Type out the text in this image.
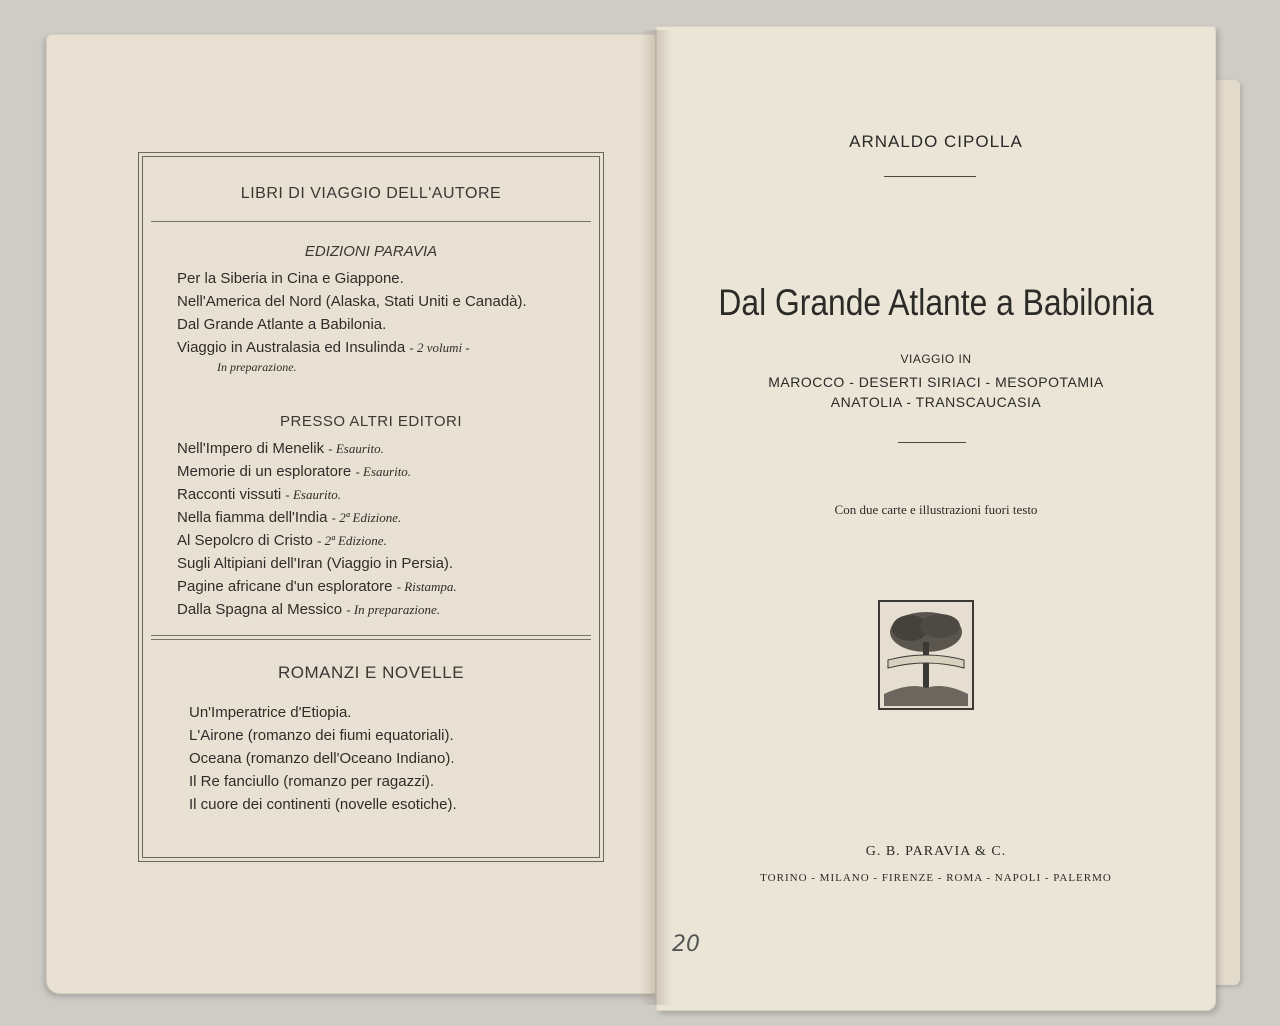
LIBRI DI VIAGGIO DELL'AUTORE
EDIZIONI PARAVIA
Per la Siberia in Cina e Giappone.
Nell'America del Nord (Alaska, Stati Uniti e Canadà).
Dal Grande Atlante a Babilonia.
Viaggio in Australasia ed Insulinda - 2 volumi -
In preparazione.
PRESSO ALTRI EDITORI
Nell'Impero di Menelik - Esaurito.
Memorie di un esploratore - Esaurito.
Racconti vissuti - Esaurito.
Nella fiamma dell'India - 2ª Edizione.
Al Sepolcro di Cristo - 2ª Edizione.
Sugli Altipiani dell'Iran (Viaggio in Persia).
Pagine africane d'un esploratore - Ristampa.
Dalla Spagna al Messico - In preparazione.
ROMANZI E NOVELLE
Un'Imperatrice d'Etiopia.
L'Airone (romanzo dei fiumi equatoriali).
Oceana (romanzo dell'Oceano Indiano).
Il Re fanciullo (romanzo per ragazzi).
Il cuore dei continenti (novelle esotiche).
ARNALDO CIPOLLA
Dal Grande Atlante a Babilonia
VIAGGIO IN
MAROCCO - DESERTI SIRIACI - MESOPOTAMIA
ANATOLIA - TRANSCAUCASIA
Con due carte e illustrazioni fuori testo
G. B. PARAVIA & C.
TORINO - MILANO - FIRENZE - ROMA - NAPOLI - PALERMO
20
